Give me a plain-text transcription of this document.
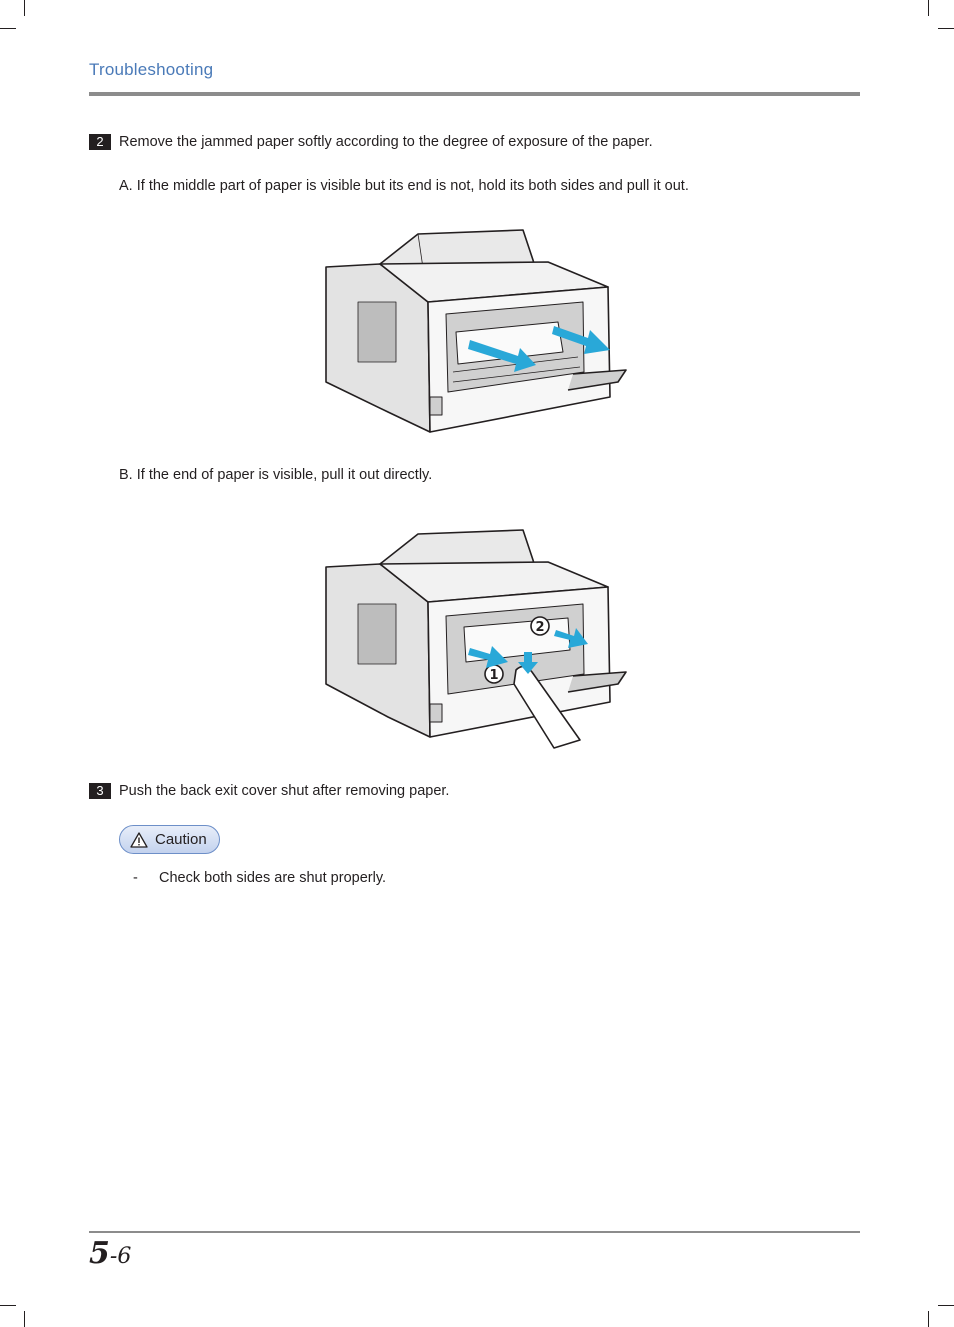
Troubleshooting
2	Remove the jammed paper softly according to the degree of exposure of the paper.
A. If the middle part of paper is visible but its end is not, hold its both sides and pull it out.
B. If the end of paper is visible, pull it out directly.
2
1
3	Push the back exit cover shut after removing paper.
Caution
- Check both sides are shut properly.
5-6
